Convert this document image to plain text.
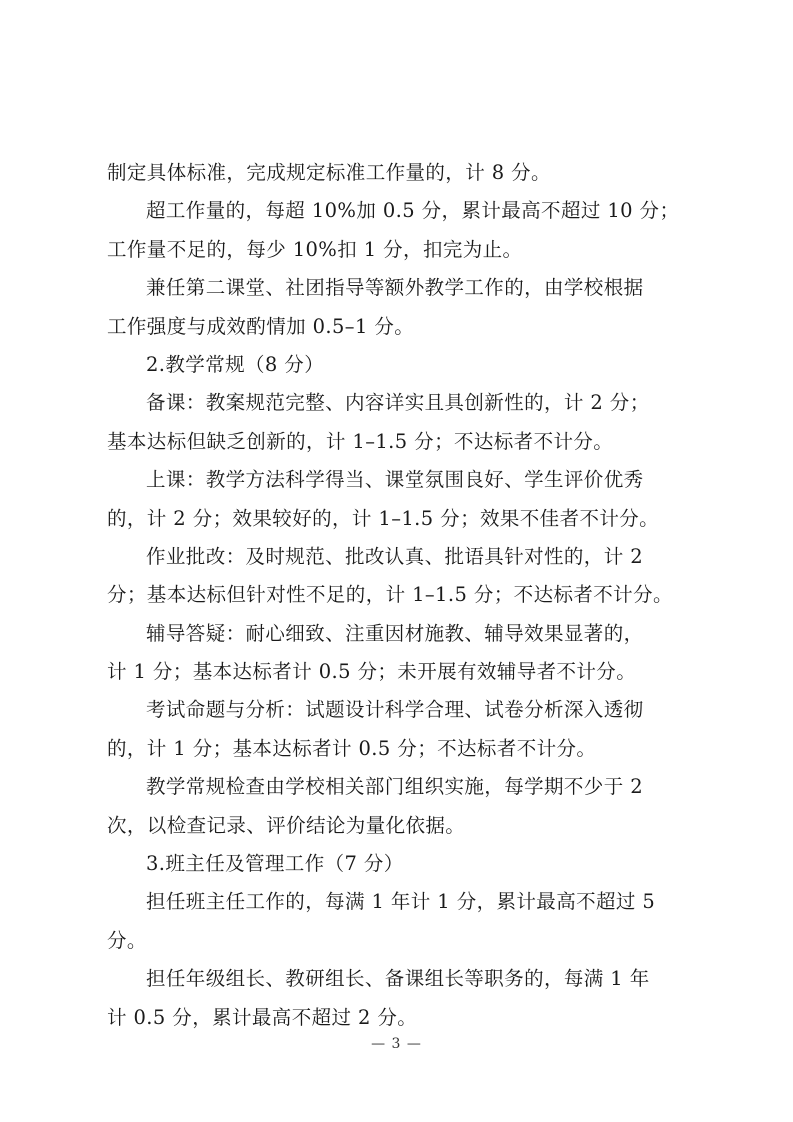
制定具体标准，完成规定标准工作量的，计 8 分。
超工作量的，每超 10%加 0.5 分，累计最高不超过 10 分；
工作量不足的，每少 10%扣 1 分，扣完为止。
兼任第二课堂、社团指导等额外教学工作的，由学校根据
工作强度与成效酌情加 0.5–1 分。
2.教学常规（8 分）
备课：教案规范完整、内容详实且具创新性的，计 2 分；
基本达标但缺乏创新的，计 1–1.5 分；不达标者不计分。
上课：教学方法科学得当、课堂氛围良好、学生评价优秀
的，计 2 分；效果较好的，计 1–1.5 分；效果不佳者不计分。
作业批改：及时规范、批改认真、批语具针对性的，计 2
分；基本达标但针对性不足的，计 1–1.5 分；不达标者不计分。
辅导答疑：耐心细致、注重因材施教、辅导效果显著的，
计 1 分；基本达标者计 0.5 分；未开展有效辅导者不计分。
考试命题与分析：试题设计科学合理、试卷分析深入透彻
的，计 1 分；基本达标者计 0.5 分；不达标者不计分。
教学常规检查由学校相关部门组织实施，每学期不少于 2
次，以检查记录、评价结论为量化依据。
3.班主任及管理工作（7 分）
担任班主任工作的，每满 1 年计 1 分，累计最高不超过 5
分。
担任年级组长、教研组长、备课组长等职务的，每满 1 年
计 0.5 分，累计最高不超过 2 分。
— 3 —
